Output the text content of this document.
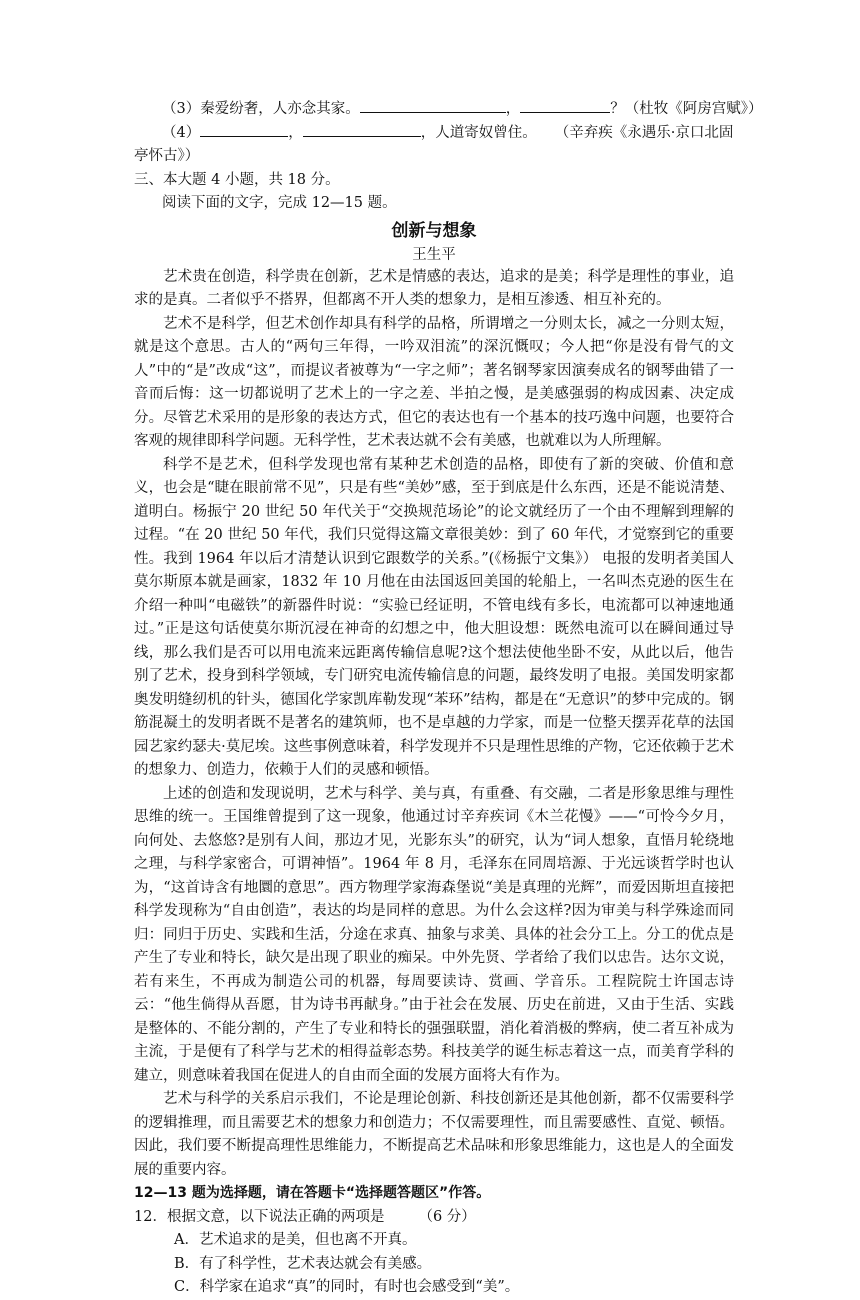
（3）秦爱纷奢，人亦念其家。	，	？（杜牧《阿房宫赋》）
（4）	，	，人道寄奴曾住。 （辛弃疾《永遇乐·京口北固
亭怀古》）
三、本大题 4 小题，共 18 分。
阅读下面的文字，完成 12—15 题。
创新与想象
王生平

艺术贵在创造，科学贵在创新，艺术是情感的表达，追求的是美；科学是理性的事业，追求的是真。二者似乎不搭界，但都离不开人类的想象力，是相互渗透、相互补充的。

艺术不是科学，但艺术创作却具有科学的品格，所谓增之一分则太长，减之一分则太短，就是这个意思。古人的“两句三年得，一吟双泪流”的深沉慨叹；今人把“你是没有骨气的文人”中的“是”改成“这”，而提议者被尊为“一字之师”；著名钢琴家因演奏成名的钢琴曲错了一音而后悔：这一切都说明了艺术上的一字之差、半拍之慢，是美感强弱的构成因素、决定成分。尽管艺术采用的是形象的表达方式，但它的表达也有一个基本的技巧逸中问题，也要符合客观的规律即科学问题。无科学性，艺术表达就不会有美感，也就难以为人所理解。

科学不是艺术，但科学发现也常有某种艺术创造的品格，即使有了新的突破、价值和意义，也会是“睫在眼前常不见”，只是有些“美妙”感，至于到底是什么东西，还是不能说清楚、道明白。杨振宁 20 世纪 50 年代关于“交换规范场论”的论文就经历了一个由不理解到理解的过程。“在 20 世纪 50 年代，我们只觉得这篇文章很美妙：到了 60 年代，才觉察到它的重要性。我到 1964 年以后才清楚认识到它跟数学的关系。”(《杨振宁文集》） 电报的发明者美国人莫尔斯原本就是画家，1832 年 10 月他在由法国返回美国的轮船上，一名叫杰克逊的医生在介绍一种叫“电磁铁”的新器件时说：“实验已经证明，不管电线有多长，电流都可以神速地通过。”正是这句话使莫尔斯沉浸在神奇的幻想之中，他大胆设想：既然电流可以在瞬间通过导线，那么我们是否可以用电流来远距离传输信息呢?这个想法使他坐卧不安，从此以后，他告别了艺术，投身到科学领域，专门研究电流传输信息的问题，最终发明了电报。美国发明家都奥发明缝纫机的针头，德国化学家凯库勒发现“苯环”结构，都是在“无意识”的梦中完成的。钢筋混凝土的发明者既不是著名的建筑师，也不是卓越的力学家，而是一位整天摆弄花草的法国园艺家约瑟夫·莫尼埃。这些事例意味着，科学发现并不只是理性思维的产物，它还依赖于艺术的想象力、创造力，依赖于人们的灵感和顿悟。

上述的创造和发现说明，艺术与科学、美与真，有重叠、有交融，二者是形象思维与理性思维的统一。王国维曾提到了这一现象，他通过讨辛弃疾词《木兰花慢》——“可怜今夕月，向何处、去悠悠?是别有人间，那边才见，光影东头”的研究，认为“词人想象，直悟月轮绕地之理，与科学家密合，可谓神悟”。1964 年 8 月，毛泽东在同周培源、于光远谈哲学时也认为，“这首诗含有地圜的意思”。西方物理学家海森堡说“美是真理的光辉”，而爱因斯坦直接把科学发现称为“自由创造”，表达的均是同样的意思。为什么会这样?因为审美与科学殊途而同归：同归于历史、实践和生活，分途在求真、抽象与求美、具体的社会分工上。分工的优点是产生了专业和特长，缺欠是出现了职业的痴呆。中外先贤、学者给了我们以忠告。达尔文说，若有来生，不再成为制造公司的机器，每周要读诗、赏画、学音乐。工程院院士许国志诗云：“他生倘得从吾愿，甘为诗书再献身。”由于社会在发展、历史在前进，又由于生活、实践是整体的、不能分割的，产生了专业和特长的强强联盟，消化着消极的弊病，使二者互补成为主流，于是便有了科学与艺术的相得益彰态势。科技美学的诞生标志着这一点，而美育学科的建立，则意味着我国在促进人的自由而全面的发展方面将大有作为。

艺术与科学的关系启示我们，不论是理论创新、科技创新还是其他创新，都不仅需要科学的逻辑推理，而且需要艺术的想象力和创造力；不仅需要理性，而且需要感性、直觉、顿悟。因此，我们要不断提高理性思维能力，不断提高艺术品味和形象思维能力，这也是人的全面发展的重要内容。

12—13 题为选择题，请在答题卡“选择题答题区”作答。
12．根据文意，以下说法正确的两项是 （6 分）
A．艺术追求的是美，但也离不开真。
B．有了科学性，艺术表达就会有美感。
C．科学家在追求“真”的同时，有时也会感受到“美”。
